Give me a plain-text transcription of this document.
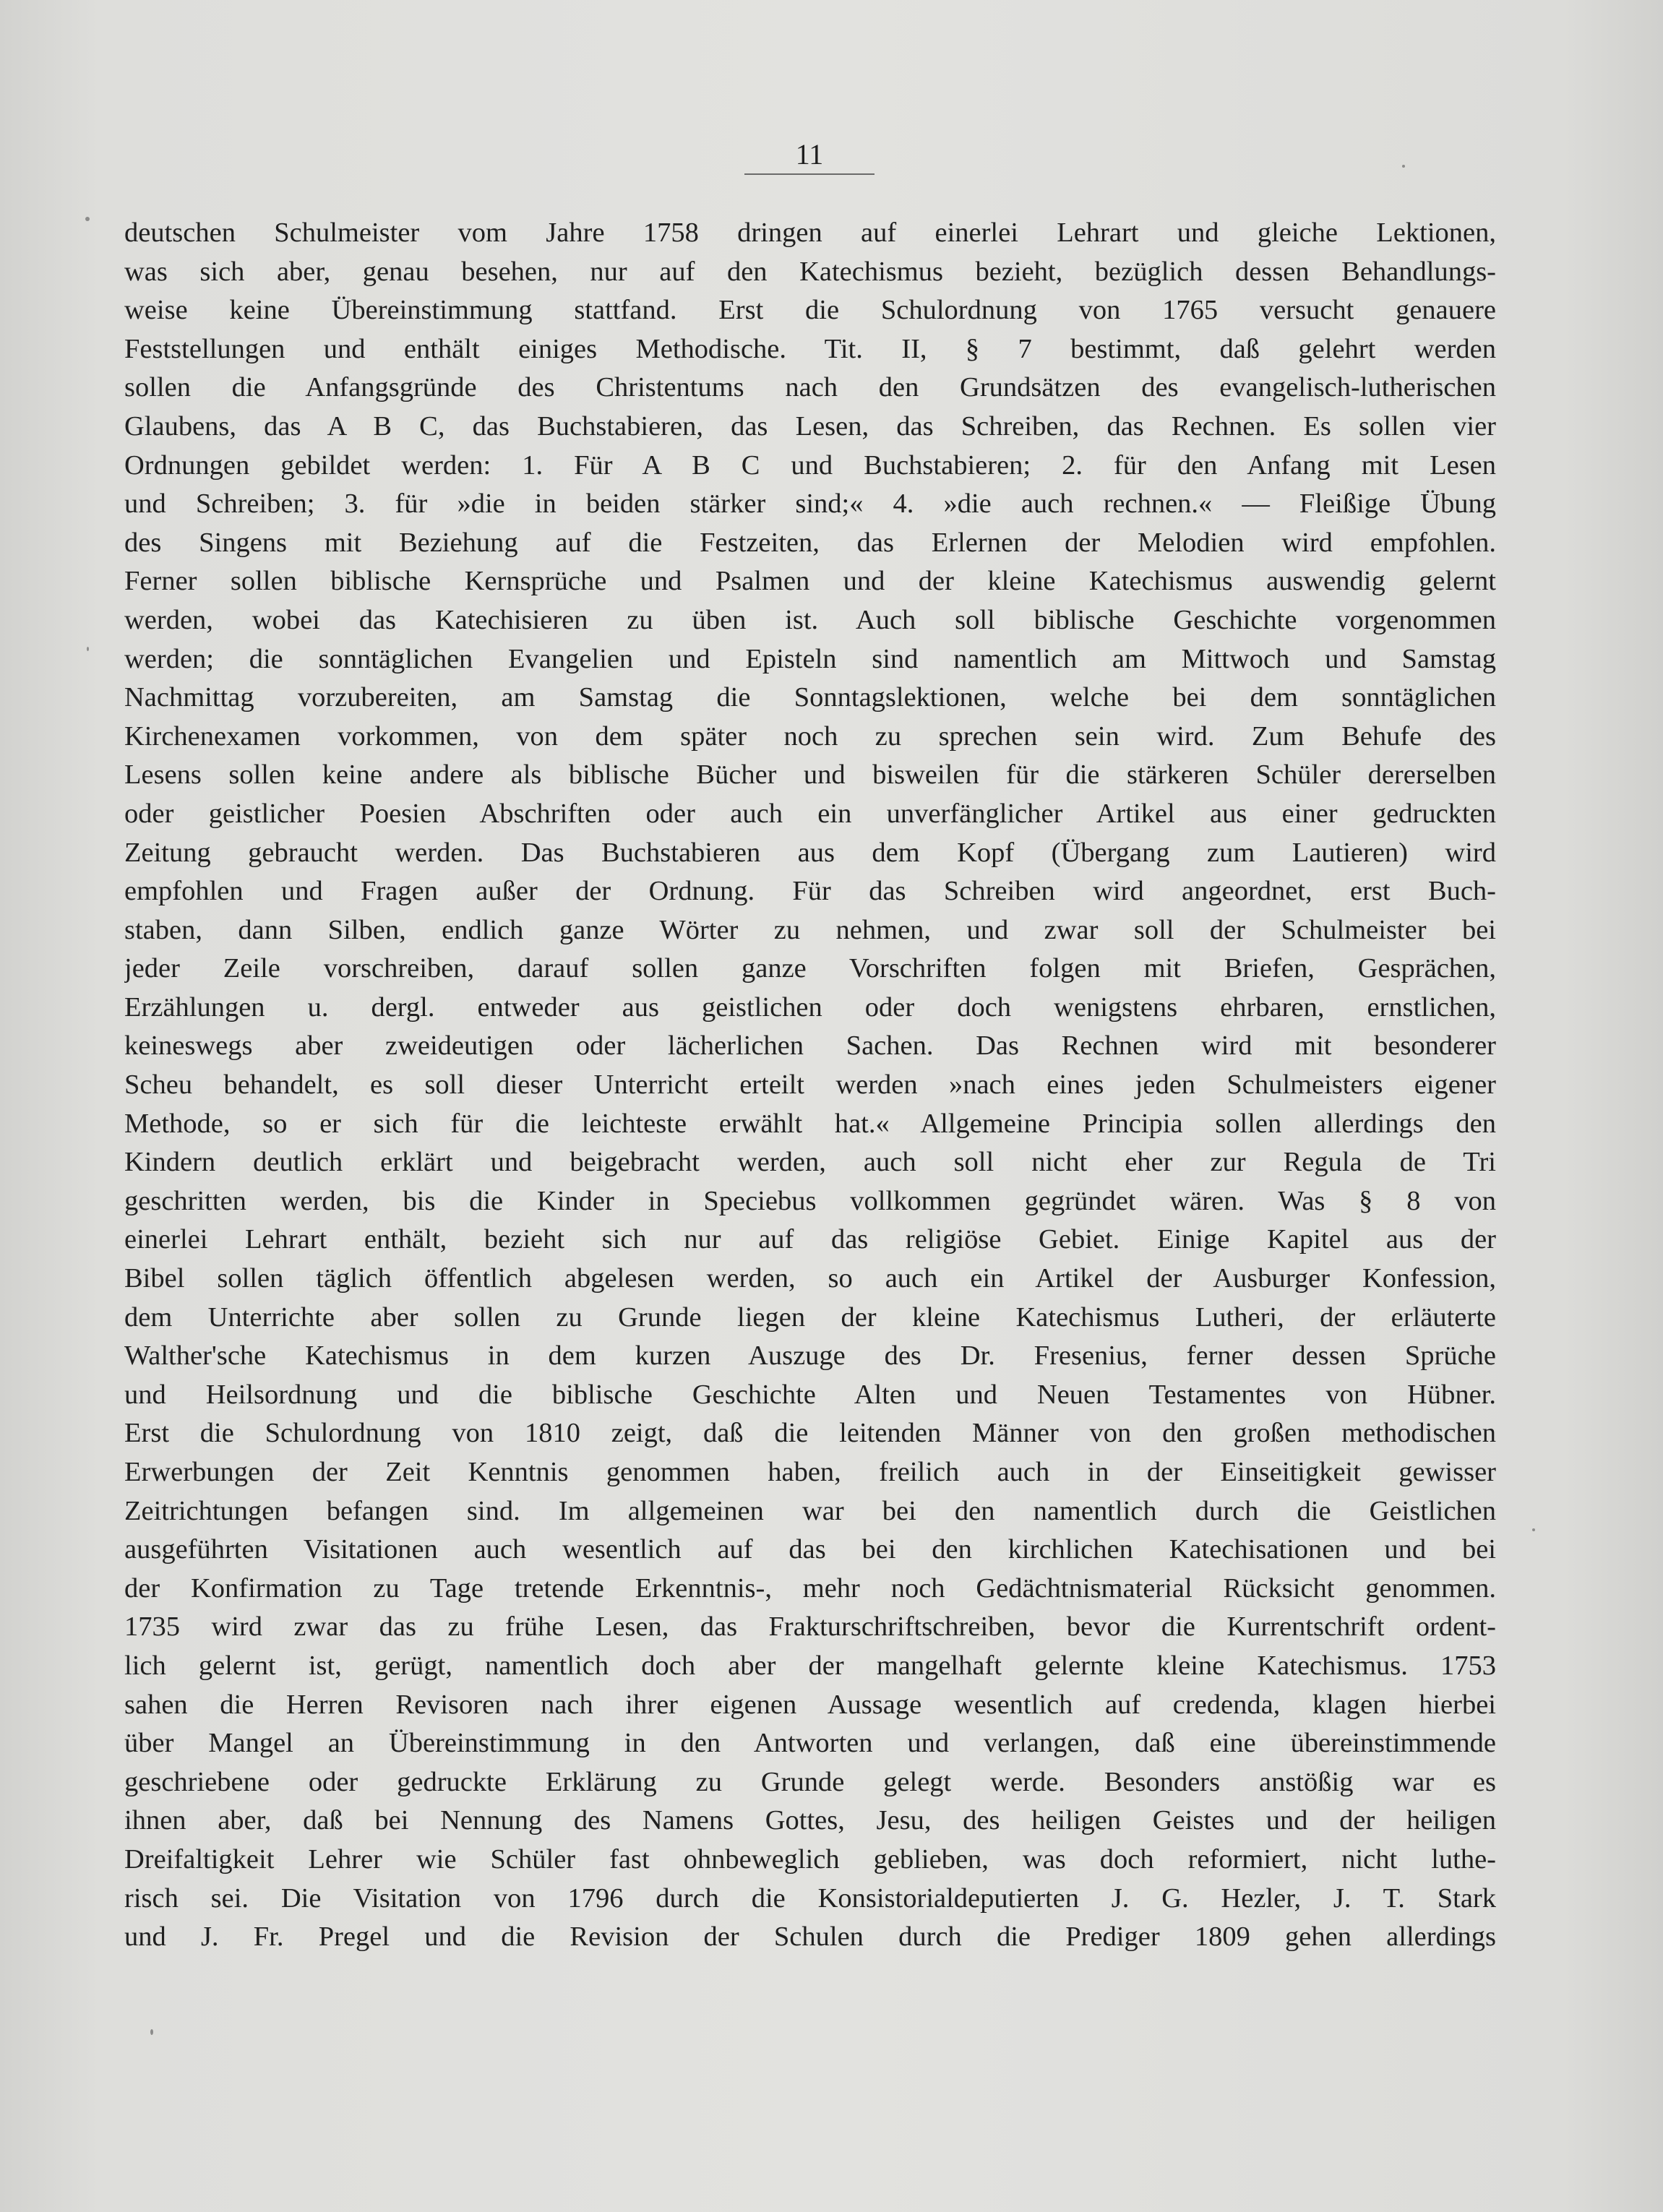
11
deutschen Schulmeister vom Jahre 1758 dringen auf einerlei Lehrart und gleiche Lektionen,
was sich aber, genau besehen, nur auf den Katechismus bezieht, bezüglich dessen Behandlungs-
weise keine Übereinstimmung stattfand. Erst die Schulordnung von 1765 versucht genauere
Feststellungen und enthält einiges Methodische. Tit. II, § 7 bestimmt, daß gelehrt werden
sollen die Anfangsgründe des Christentums nach den Grundsätzen des evangelisch-lutherischen
Glaubens, das A B C, das Buchstabieren, das Lesen, das Schreiben, das Rechnen. Es sollen vier
Ordnungen gebildet werden: 1. Für A B C und Buchstabieren; 2. für den Anfang mit Lesen
und Schreiben; 3. für »die in beiden stärker sind;« 4. »die auch rechnen.« — Fleißige Übung
des Singens mit Beziehung auf die Festzeiten, das Erlernen der Melodien wird empfohlen.
Ferner sollen biblische Kernsprüche und Psalmen und der kleine Katechismus auswendig gelernt
werden, wobei das Katechisieren zu üben ist. Auch soll biblische Geschichte vorgenommen
werden; die sonntäglichen Evangelien und Episteln sind namentlich am Mittwoch und Samstag
Nachmittag vorzubereiten, am Samstag die Sonntagslektionen, welche bei dem sonntäglichen
Kirchenexamen vorkommen, von dem später noch zu sprechen sein wird. Zum Behufe des
Lesens sollen keine andere als biblische Bücher und bisweilen für die stärkeren Schüler dererselben
oder geistlicher Poesien Abschriften oder auch ein unverfänglicher Artikel aus einer gedruckten
Zeitung gebraucht werden. Das Buchstabieren aus dem Kopf (Übergang zum Lautieren) wird
empfohlen und Fragen außer der Ordnung. Für das Schreiben wird angeordnet, erst Buch-
staben, dann Silben, endlich ganze Wörter zu nehmen, und zwar soll der Schulmeister bei
jeder Zeile vorschreiben, darauf sollen ganze Vorschriften folgen mit Briefen, Gesprächen,
Erzählungen u. dergl. entweder aus geistlichen oder doch wenigstens ehrbaren, ernstlichen,
keineswegs aber zweideutigen oder lächerlichen Sachen. Das Rechnen wird mit besonderer
Scheu behandelt, es soll dieser Unterricht erteilt werden »nach eines jeden Schulmeisters eigener
Methode, so er sich für die leichteste erwählt hat.« Allgemeine Principia sollen allerdings den
Kindern deutlich erklärt und beigebracht werden, auch soll nicht eher zur Regula de Tri
geschritten werden, bis die Kinder in Speciebus vollkommen gegründet wären. Was § 8 von
einerlei Lehrart enthält, bezieht sich nur auf das religiöse Gebiet. Einige Kapitel aus der
Bibel sollen täglich öffentlich abgelesen werden, so auch ein Artikel der Ausburger Konfession,
dem Unterrichte aber sollen zu Grunde liegen der kleine Katechismus Lutheri, der erläuterte
Walther'sche Katechismus in dem kurzen Auszuge des Dr. Fresenius, ferner dessen Sprüche
und Heilsordnung und die biblische Geschichte Alten und Neuen Testamentes von Hübner.
Erst die Schulordnung von 1810 zeigt, daß die leitenden Männer von den großen methodischen
Erwerbungen der Zeit Kenntnis genommen haben, freilich auch in der Einseitigkeit gewisser
Zeitrichtungen befangen sind. Im allgemeinen war bei den namentlich durch die Geistlichen
ausgeführten Visitationen auch wesentlich auf das bei den kirchlichen Katechisationen und bei
der Konfirmation zu Tage tretende Erkenntnis-, mehr noch Gedächtnismaterial Rücksicht genommen.
1735 wird zwar das zu frühe Lesen, das Frakturschriftschreiben, bevor die Kurrentschrift ordent-
lich gelernt ist, gerügt, namentlich doch aber der mangelhaft gelernte kleine Katechismus. 1753
sahen die Herren Revisoren nach ihrer eigenen Aussage wesentlich auf credenda, klagen hierbei
über Mangel an Übereinstimmung in den Antworten und verlangen, daß eine übereinstimmende
geschriebene oder gedruckte Erklärung zu Grunde gelegt werde. Besonders anstößig war es
ihnen aber, daß bei Nennung des Namens Gottes, Jesu, des heiligen Geistes und der heiligen
Dreifaltigkeit Lehrer wie Schüler fast ohnbeweglich geblieben, was doch reformiert, nicht luthe-
risch sei. Die Visitation von 1796 durch die Konsistorialdeputierten J. G. Hezler, J. T. Stark
und J. Fr. Pregel und die Revision der Schulen durch die Prediger 1809 gehen allerdings
